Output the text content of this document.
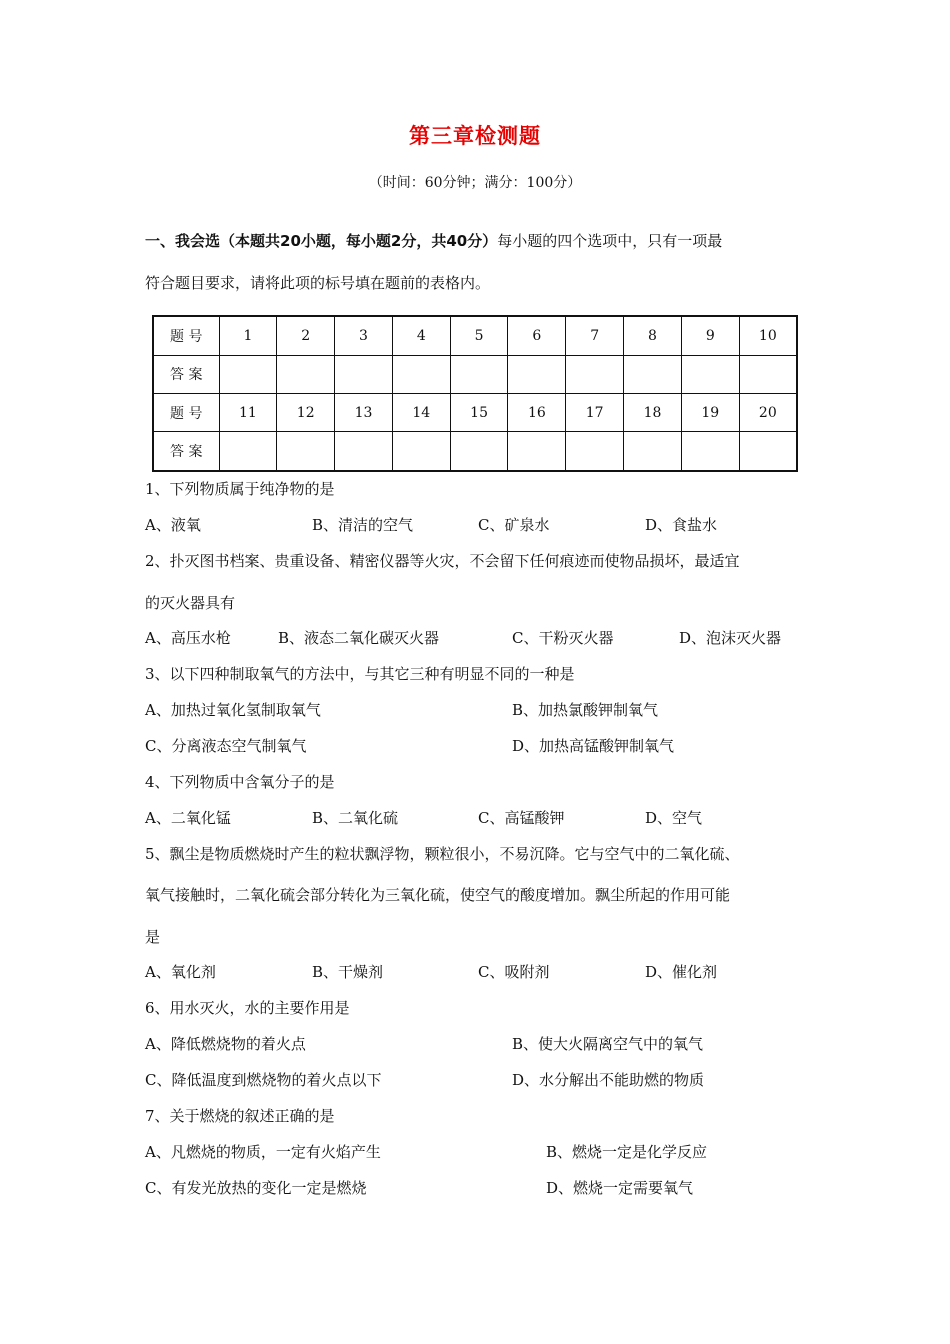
第三章检测题
（时间：60分钟；满分：100分）
一、我会选（本题共20小题，每小题2分，共40分）每小题的四个选项中，只有一项最
符合题目要求，请将此项的标号填在题前的表格内。
题 号	1	2	3	4	5	6	7	8	9	10
答 案										
题 号	11	12	13	14	15	16	17	18	19	20
答 案										
1、下列物质属于纯净物的是
A、液氧	B、清洁的空气	C、矿泉水	D、食盐水
2、扑灭图书档案、贵重设备、精密仪器等火灾，不会留下任何痕迹而使物品损坏，最适宜
的灭火器具有
A、高压水枪	B、液态二氧化碳灭火器	C、干粉灭火器	D、泡沫灭火器
3、以下四种制取氧气的方法中，与其它三种有明显不同的一种是
A、加热过氧化氢制取氧气	B、加热氯酸钾制氧气
C、分离液态空气制氧气	D、加热高锰酸钾制氧气
4、下列物质中含氧分子的是
A、二氧化锰	B、二氧化硫	C、高锰酸钾	D、空气
5、飘尘是物质燃烧时产生的粒状飘浮物，颗粒很小，不易沉降。它与空气中的二氧化硫、
氧气接触时，二氧化硫会部分转化为三氧化硫，使空气的酸度增加。飘尘所起的作用可能
是
A、氧化剂	B、干燥剂	C、吸附剂	D、催化剂
6、用水灭火，水的主要作用是
A、降低燃烧物的着火点	B、使大火隔离空气中的氧气
C、降低温度到燃烧物的着火点以下	D、水分解出不能助燃的物质
7、关于燃烧的叙述正确的是
A、凡燃烧的物质，一定有火焰产生	B、燃烧一定是化学反应
C、有发光放热的变化一定是燃烧	D、燃烧一定需要氧气
